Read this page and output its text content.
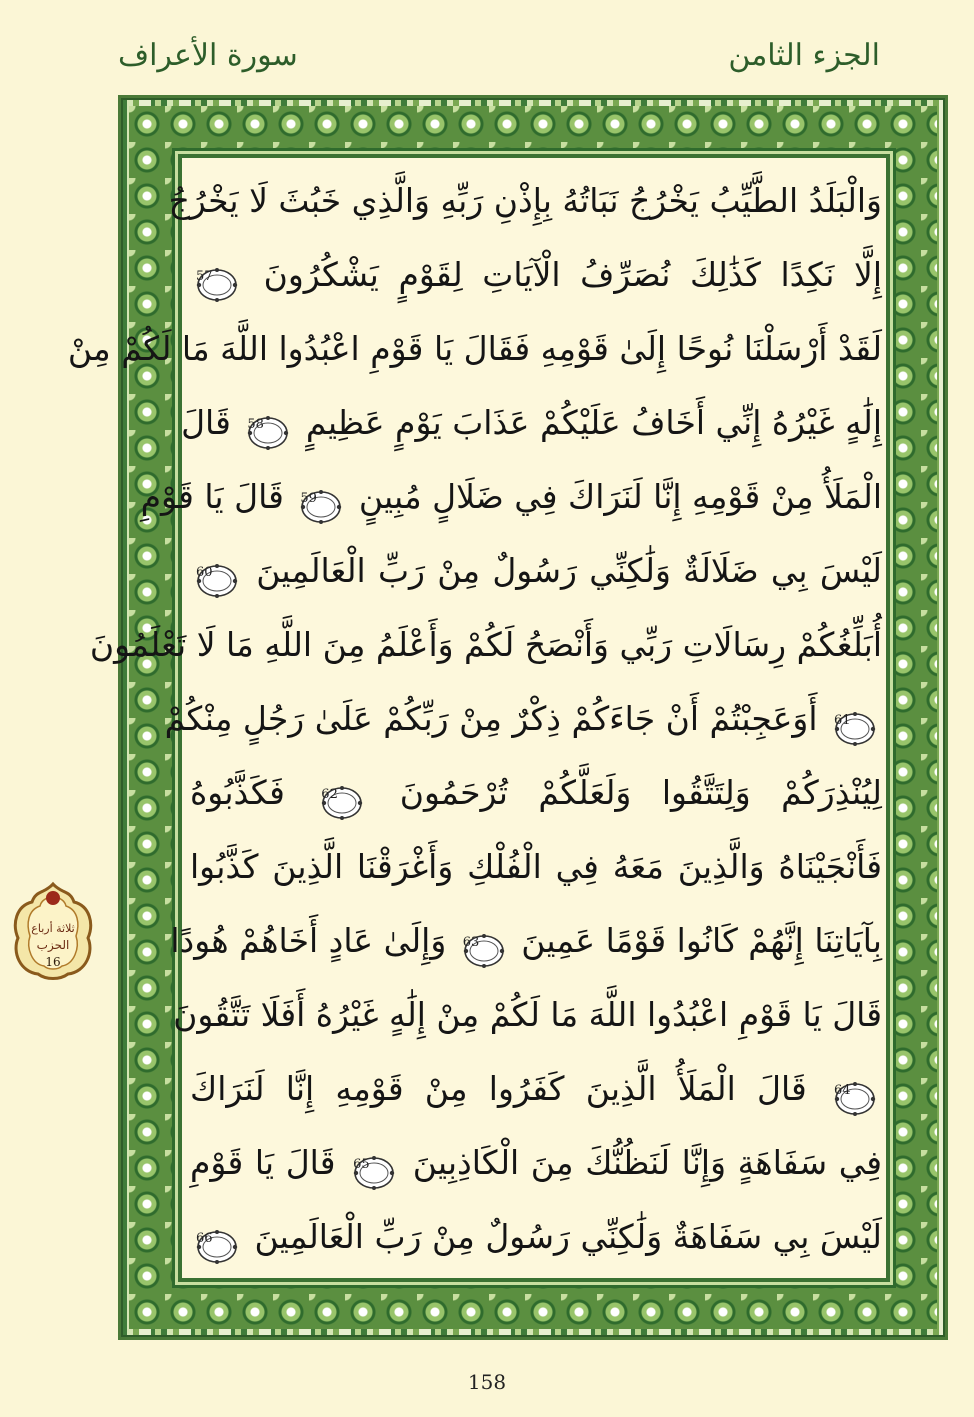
سورة الأعراف	الجزء الثامن
وَالْبَلَدُ الطَّيِّبُ يَخْرُجُ نَبَاتُهُ بِإِذْنِ رَبِّهِ وَالَّذِي خَبُثَ لَا يَخْرُجُ
إِلَّا نَكِدًا كَذَٰلِكَ نُصَرِّفُ الْآيَاتِ لِقَوْمٍ يَشْكُرُونَ
57
لَقَدْ أَرْسَلْنَا نُوحًا إِلَىٰ قَوْمِهِ فَقَالَ يَا قَوْمِ اعْبُدُوا اللَّهَ مَا لَكُمْ مِنْ
إِلَٰهٍ غَيْرُهُ إِنِّي أَخَافُ عَلَيْكُمْ عَذَابَ يَوْمٍ عَظِيمٍ
58
قَالَ
الْمَلَأُ مِنْ قَوْمِهِ إِنَّا لَنَرَاكَ فِي ضَلَالٍ مُبِينٍ
59
قَالَ يَا قَوْمِ
لَيْسَ بِي ضَلَالَةٌ وَلَٰكِنِّي رَسُولٌ مِنْ رَبِّ الْعَالَمِينَ
60
أُبَلِّغُكُمْ رِسَالَاتِ رَبِّي وَأَنْصَحُ لَكُمْ وَأَعْلَمُ مِنَ اللَّهِ مَا لَا تَعْلَمُونَ
61
أَوَعَجِبْتُمْ أَنْ جَاءَكُمْ ذِكْرٌ مِنْ رَبِّكُمْ عَلَىٰ رَجُلٍ مِنْكُمْ
لِيُنْذِرَكُمْ وَلِتَتَّقُوا وَلَعَلَّكُمْ تُرْحَمُونَ
62
فَكَذَّبُوهُ
فَأَنْجَيْنَاهُ وَالَّذِينَ مَعَهُ فِي الْفُلْكِ وَأَغْرَقْنَا الَّذِينَ كَذَّبُوا
بِآيَاتِنَا إِنَّهُمْ كَانُوا قَوْمًا عَمِينَ
63
وَإِلَىٰ عَادٍ أَخَاهُمْ هُودًا
قَالَ يَا قَوْمِ اعْبُدُوا اللَّهَ مَا لَكُمْ مِنْ إِلَٰهٍ غَيْرُهُ أَفَلَا تَتَّقُونَ
64
قَالَ الْمَلَأُ الَّذِينَ كَفَرُوا مِنْ قَوْمِهِ إِنَّا لَنَرَاكَ
فِي سَفَاهَةٍ وَإِنَّا لَنَظُنُّكَ مِنَ الْكَاذِبِينَ
65
قَالَ يَا قَوْمِ
لَيْسَ بِي سَفَاهَةٌ وَلَٰكِنِّي رَسُولٌ مِنْ رَبِّ الْعَالَمِينَ
66
ثلاثة أرباع
الحزب
16
158
